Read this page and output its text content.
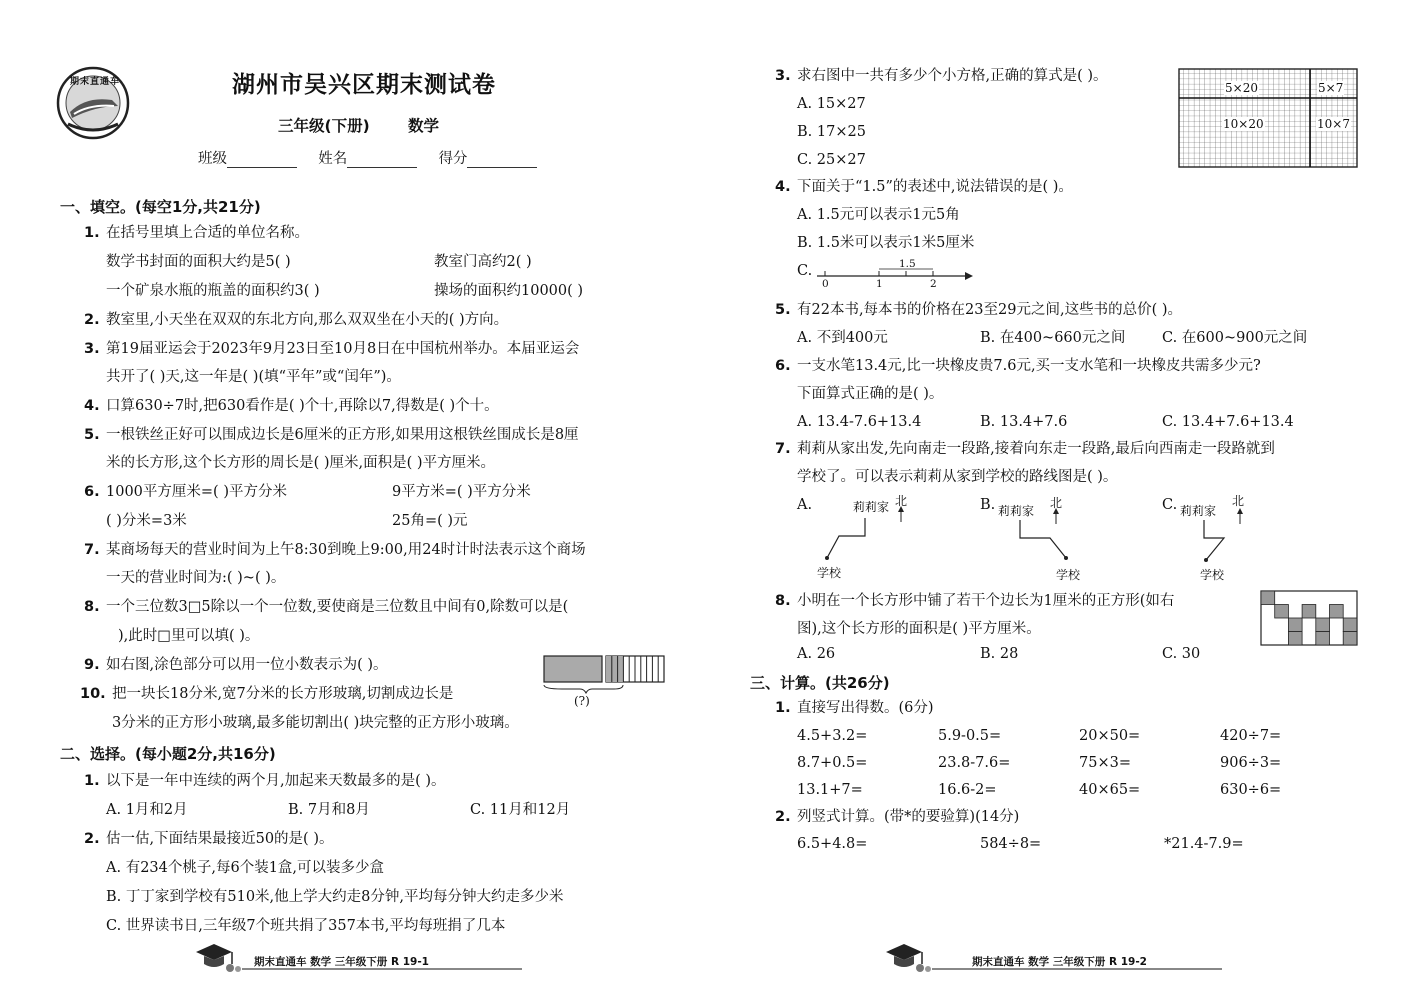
期末直通车	湖州市吴兴区期末测试卷
三年级(下册) 数学
班级	姓名	得分
一、填空。(每空1分,共21分)
1. 在括号里填上合适的单位名称。
数学书封面的面积大约是5( )	教室门高约2( )
一个矿泉水瓶的瓶盖的面积约3( )	操场的面积约10000( )
2. 教室里,小天坐在双双的东北方向,那么双双坐在小天的( )方向。
3. 第19届亚运会于2023年9月23日至10月8日在中国杭州举办。本届亚运会
共开了( )天,这一年是( )(填“平年”或“闰年”)。
4. 口算630÷7时,把630看作是( )个十,再除以7,得数是( )个十。
5. 一根铁丝正好可以围成边长是6厘米的正方形,如果用这根铁丝围成长是8厘
米的长方形,这个长方形的周长是( )厘米,面积是( )平方厘米。
6. 1000平方厘米=( )平方分米	9平方米=( )平方分米
( )分米=3米	25角=( )元
7. 某商场每天的营业时间为上午8:30到晚上9:00,用24时计时法表示这个商场
一天的营业时间为:( )~( )。
8. 一个三位数3□5除以一个一位数,要使商是三位数且中间有0,除数可以是(
),此时□里可以填( )。
9. 如右图,涂色部分可以用一位小数表示为( )。
(?)
10. 把一块长18分米,宽7分米的长方形玻璃,切割成边长是
3分米的正方形小玻璃,最多能切割出( )块完整的正方形小玻璃。
二、选择。(每小题2分,共16分)
1. 以下是一年中连续的两个月,加起来天数最多的是( )。
A. 1月和2月	B. 7月和8月	C. 11月和12月
2. 估一估,下面结果最接近50的是( )。
A. 有234个桃子,每6个装1盒,可以装多少盒
B. 丁丁家到学校有510米,他上学大约走8分钟,平均每分钟大约走多少米
C. 世界读书日,三年级7个班共捐了357本书,平均每班捐了几本
期末直通车 数学 三年级下册 R 19-1
3. 求右图中一共有多少个小方格,正确的算式是( )。
A. 15×27
B. 17×25
C. 25×27
5×20	5×7
10×20	10×7
4. 下面关于“1.5”的表述中,说法错误的是( )。
A. 1.5元可以表示1元5角
B. 1.5米可以表示1米5厘米
C.	1.5
0	1	2
5. 有22本书,每本书的价格在23至29元之间,这些书的总价( )。
A. 不到400元	B. 在400~660元之间	C. 在600~900元之间
6. 一支水笔13.4元,比一块橡皮贵7.6元,买一支水笔和一块橡皮共需多少元?
下面算式正确的是( )。
A. 13.4-7.6+13.4	B. 13.4+7.6	C. 13.4+7.6+13.4
7. 莉莉从家出发,先向南走一段路,接着向东走一段路,最后向西南走一段路就到
学校了。可以表示莉莉从家到学校的路线图是( )。
A.	莉莉家 北
学校
B. 莉莉家
北
学校
C. 莉莉家
北
学校
8. 小明在一个长方形中铺了若干个边长为1厘米的正方形(如右
图),这个长方形的面积是( )平方厘米。
A. 26	B. 28	C. 30
三、计算。(共26分)
1. 直接写出得数。(6分)
4.5+3.2=	5.9-0.5=	20×50=	420÷7=
8.7+0.5=	23.8-7.6=	75×3=	906÷3=
13.1+7=	16.6-2=	40×65=	630÷6=
2. 列竖式计算。(带*的要验算)(14分)
6.5+4.8=	584÷8=	*21.4-7.9=
期末直通车 数学 三年级下册 R 19-2
